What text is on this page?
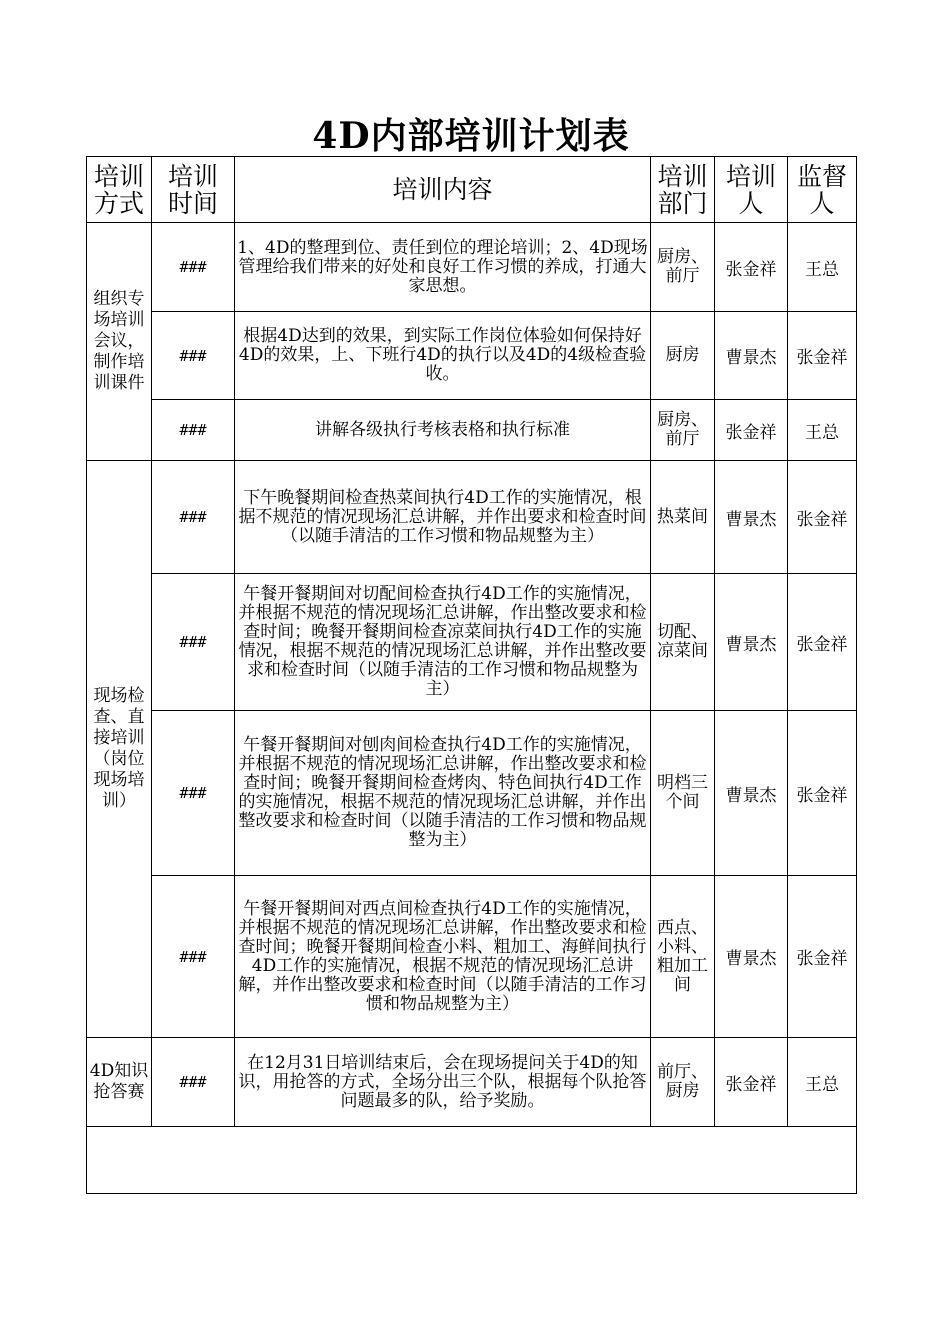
4D内部培训计划表
培训方式	培训时间	培训内容	培训部门	培训人	监督人
组织专场培训会议，制作培训课件	###	1、4D的整理到位、责任到位的理论培训；2、4D现场管理给我们带来的好处和良好工作习惯的养成，打通大家思想。	厨房、前厅	张金祥	王总
	###	根据4D达到的效果，到实际工作岗位体验如何保持好4D的效果，上、下班行4D的执行以及4D的4级检查验收。	厨房	曹景杰	张金祥
	###	讲解各级执行考核表格和执行标准	厨房、前厅	张金祥	王总
现场检查、直接培训（岗位现场培训）	###	下午晚餐期间检查热菜间执行4D工作的实施情况，根据不规范的情况现场汇总讲解，并作出要求和检查时间（以随手清洁的工作习惯和物品规整为主）	热菜间	曹景杰	张金祥
	###	午餐开餐期间对切配间检查执行4D工作的实施情况，并根据不规范的情况现场汇总讲解，作出整改要求和检查时间；晚餐开餐期间检查凉菜间执行4D工作的实施情况，根据不规范的情况现场汇总讲解，并作出整改要求和检查时间（以随手清洁的工作习惯和物品规整为主）	切配、凉菜间	曹景杰	张金祥
	###	午餐开餐期间对刨肉间检查执行4D工作的实施情况，并根据不规范的情况现场汇总讲解，作出整改要求和检查时间；晚餐开餐期间检查烤肉、特色间执行4D工作的实施情况，根据不规范的情况现场汇总讲解，并作出整改要求和检查时间（以随手清洁的工作习惯和物品规整为主）	明档三个间	曹景杰	张金祥
	###	午餐开餐期间对西点间检查执行4D工作的实施情况，并根据不规范的情况现场汇总讲解，作出整改要求和检查时间；晚餐开餐期间检查小料、粗加工、海鲜间执行4D工作的实施情况，根据不规范的情况现场汇总讲解，并作出整改要求和检查时间（以随手清洁的工作习惯和物品规整为主）	西点、小料、粗加工间	曹景杰	张金祥
4D知识抢答赛	###	在12月31日培训结束后，会在现场提问关于4D的知识，用抢答的方式，全场分出三个队，根据每个队抢答问题最多的队，给予奖励。	前厅、厨房	张金祥	王总
